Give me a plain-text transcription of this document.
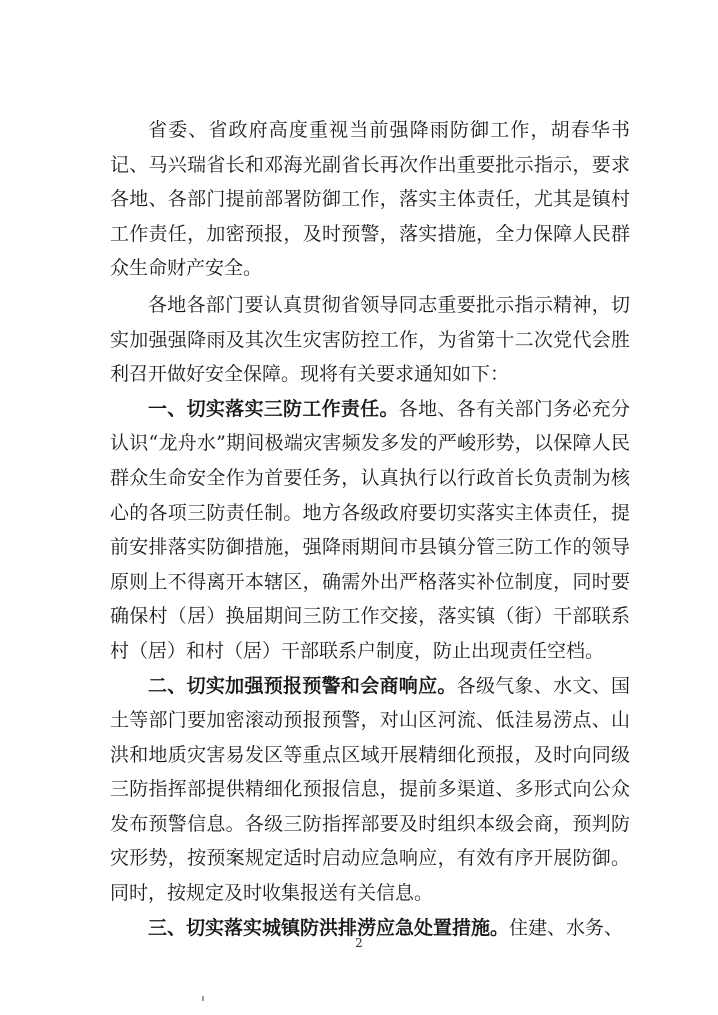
省委、省政府高度重视当前强降雨防御工作，胡春华书记、马兴瑞省长和邓海光副省长再次作出重要批示指示，要求各地、各部门提前部署防御工作，落实主体责任，尤其是镇村工作责任，加密预报，及时预警，落实措施，全力保障人民群众生命财产安全。

各地各部门要认真贯彻省领导同志重要批示指示精神，切实加强强降雨及其次生灾害防控工作，为省第十二次党代会胜利召开做好安全保障。现将有关要求通知如下：

一、切实落实三防工作责任。各地、各有关部门务必充分认识“龙舟水”期间极端灾害频发多发的严峻形势，以保障人民群众生命安全作为首要任务，认真执行以行政首长负责制为核心的各项三防责任制。地方各级政府要切实落实主体责任，提前安排落实防御措施，强降雨期间市县镇分管三防工作的领导原则上不得离开本辖区，确需外出严格落实补位制度，同时要确保村（居）换届期间三防工作交接，落实镇（街）干部联系村（居）和村（居）干部联系户制度，防止出现责任空档。

二、切实加强预报预警和会商响应。各级气象、水文、国土等部门要加密滚动预报预警，对山区河流、低洼易涝点、山洪和地质灾害易发区等重点区域开展精细化预报，及时向同级三防指挥部提供精细化预报信息，提前多渠道、多形式向公众发布预警信息。各级三防指挥部要及时组织本级会商，预判防灾形势，按预案规定适时启动应急响应，有效有序开展防御。同时，按规定及时收集报送有关信息。

三、切实落实城镇防洪排涝应急处置措施。住建、水务、

2
